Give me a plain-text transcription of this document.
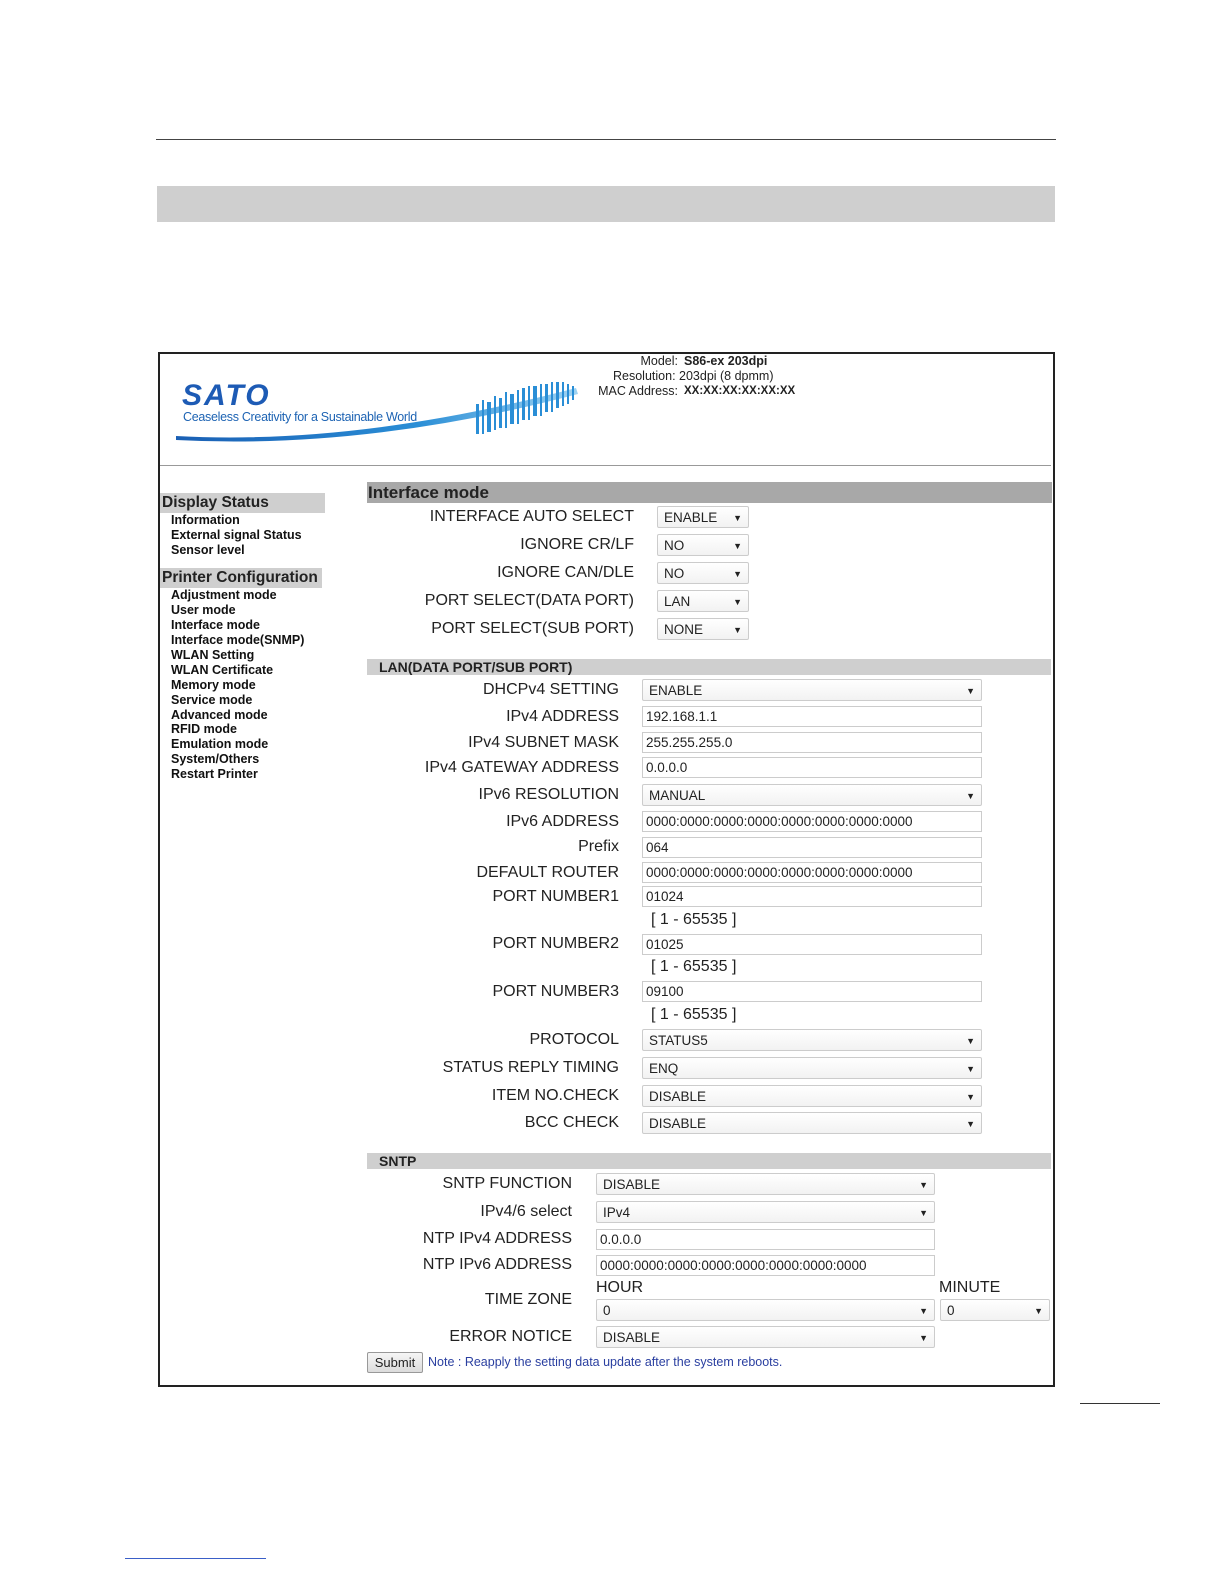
SATO
Ceaseless Creativity for a Sustainable World
Model: S86-ex 203dpi
Resolution: 203dpi (8 dpmm)
MAC Address: XX:XX:XX:XX:XX:XX
Display Status
Information
External signal Status
Sensor level
Printer Configuration
Adjustment mode
User mode
Interface mode
Interface mode(SNMP)
WLAN Setting
WLAN Certificate
Memory mode
Service mode
Advanced mode
RFID mode
Emulation mode
System/Others
Restart Printer
Interface mode
INTERFACE AUTO SELECT	ENABLE ▼
IGNORE CR/LF	NO	▼
IGNORE CAN/DLE	NO	▼
PORT SELECT(DATA PORT)	LAN	▼
PORT SELECT(SUB PORT)	NONE	▼
LAN(DATA PORT/SUB PORT)
DHCPv4 SETTING	ENABLE	▼
IPv4 ADDRESS 192.168.1.1
IPv4 SUBNET MASK 255.255.255.0
IPv4 GATEWAY ADDRESS 0.0.0.0
IPv6 RESOLUTION	MANUAL	▼
IPv6 ADDRESS 0000:0000:0000:0000:0000:0000:0000:0000
Prefix 064
DEFAULT ROUTER 0000:0000:0000:0000:0000:0000:0000:0000
PORT NUMBER1 01024
[ 1 - 65535 ]
PORT NUMBER2 01025
[ 1 - 65535 ]
PORT NUMBER3 09100
[ 1 - 65535 ]
PROTOCOL	STATUS5	▼
STATUS REPLY TIMING	ENQ	▼
ITEM NO.CHECK	DISABLE	▼
BCC CHECK	DISABLE	▼
SNTP
SNTP FUNCTION	DISABLE	▼
IPv4/6 select	IPv4	▼
NTP IPv4 ADDRESS 0.0.0.0
NTP IPv6 ADDRESS 0000:0000:0000:0000:0000:0000:0000:0000
TIME ZONE
HOUR
0	▼
MINUTE
0	▼
ERROR NOTICE	DISABLE	▼
Submit	Note : Reapply the setting data update after the system reboots.
